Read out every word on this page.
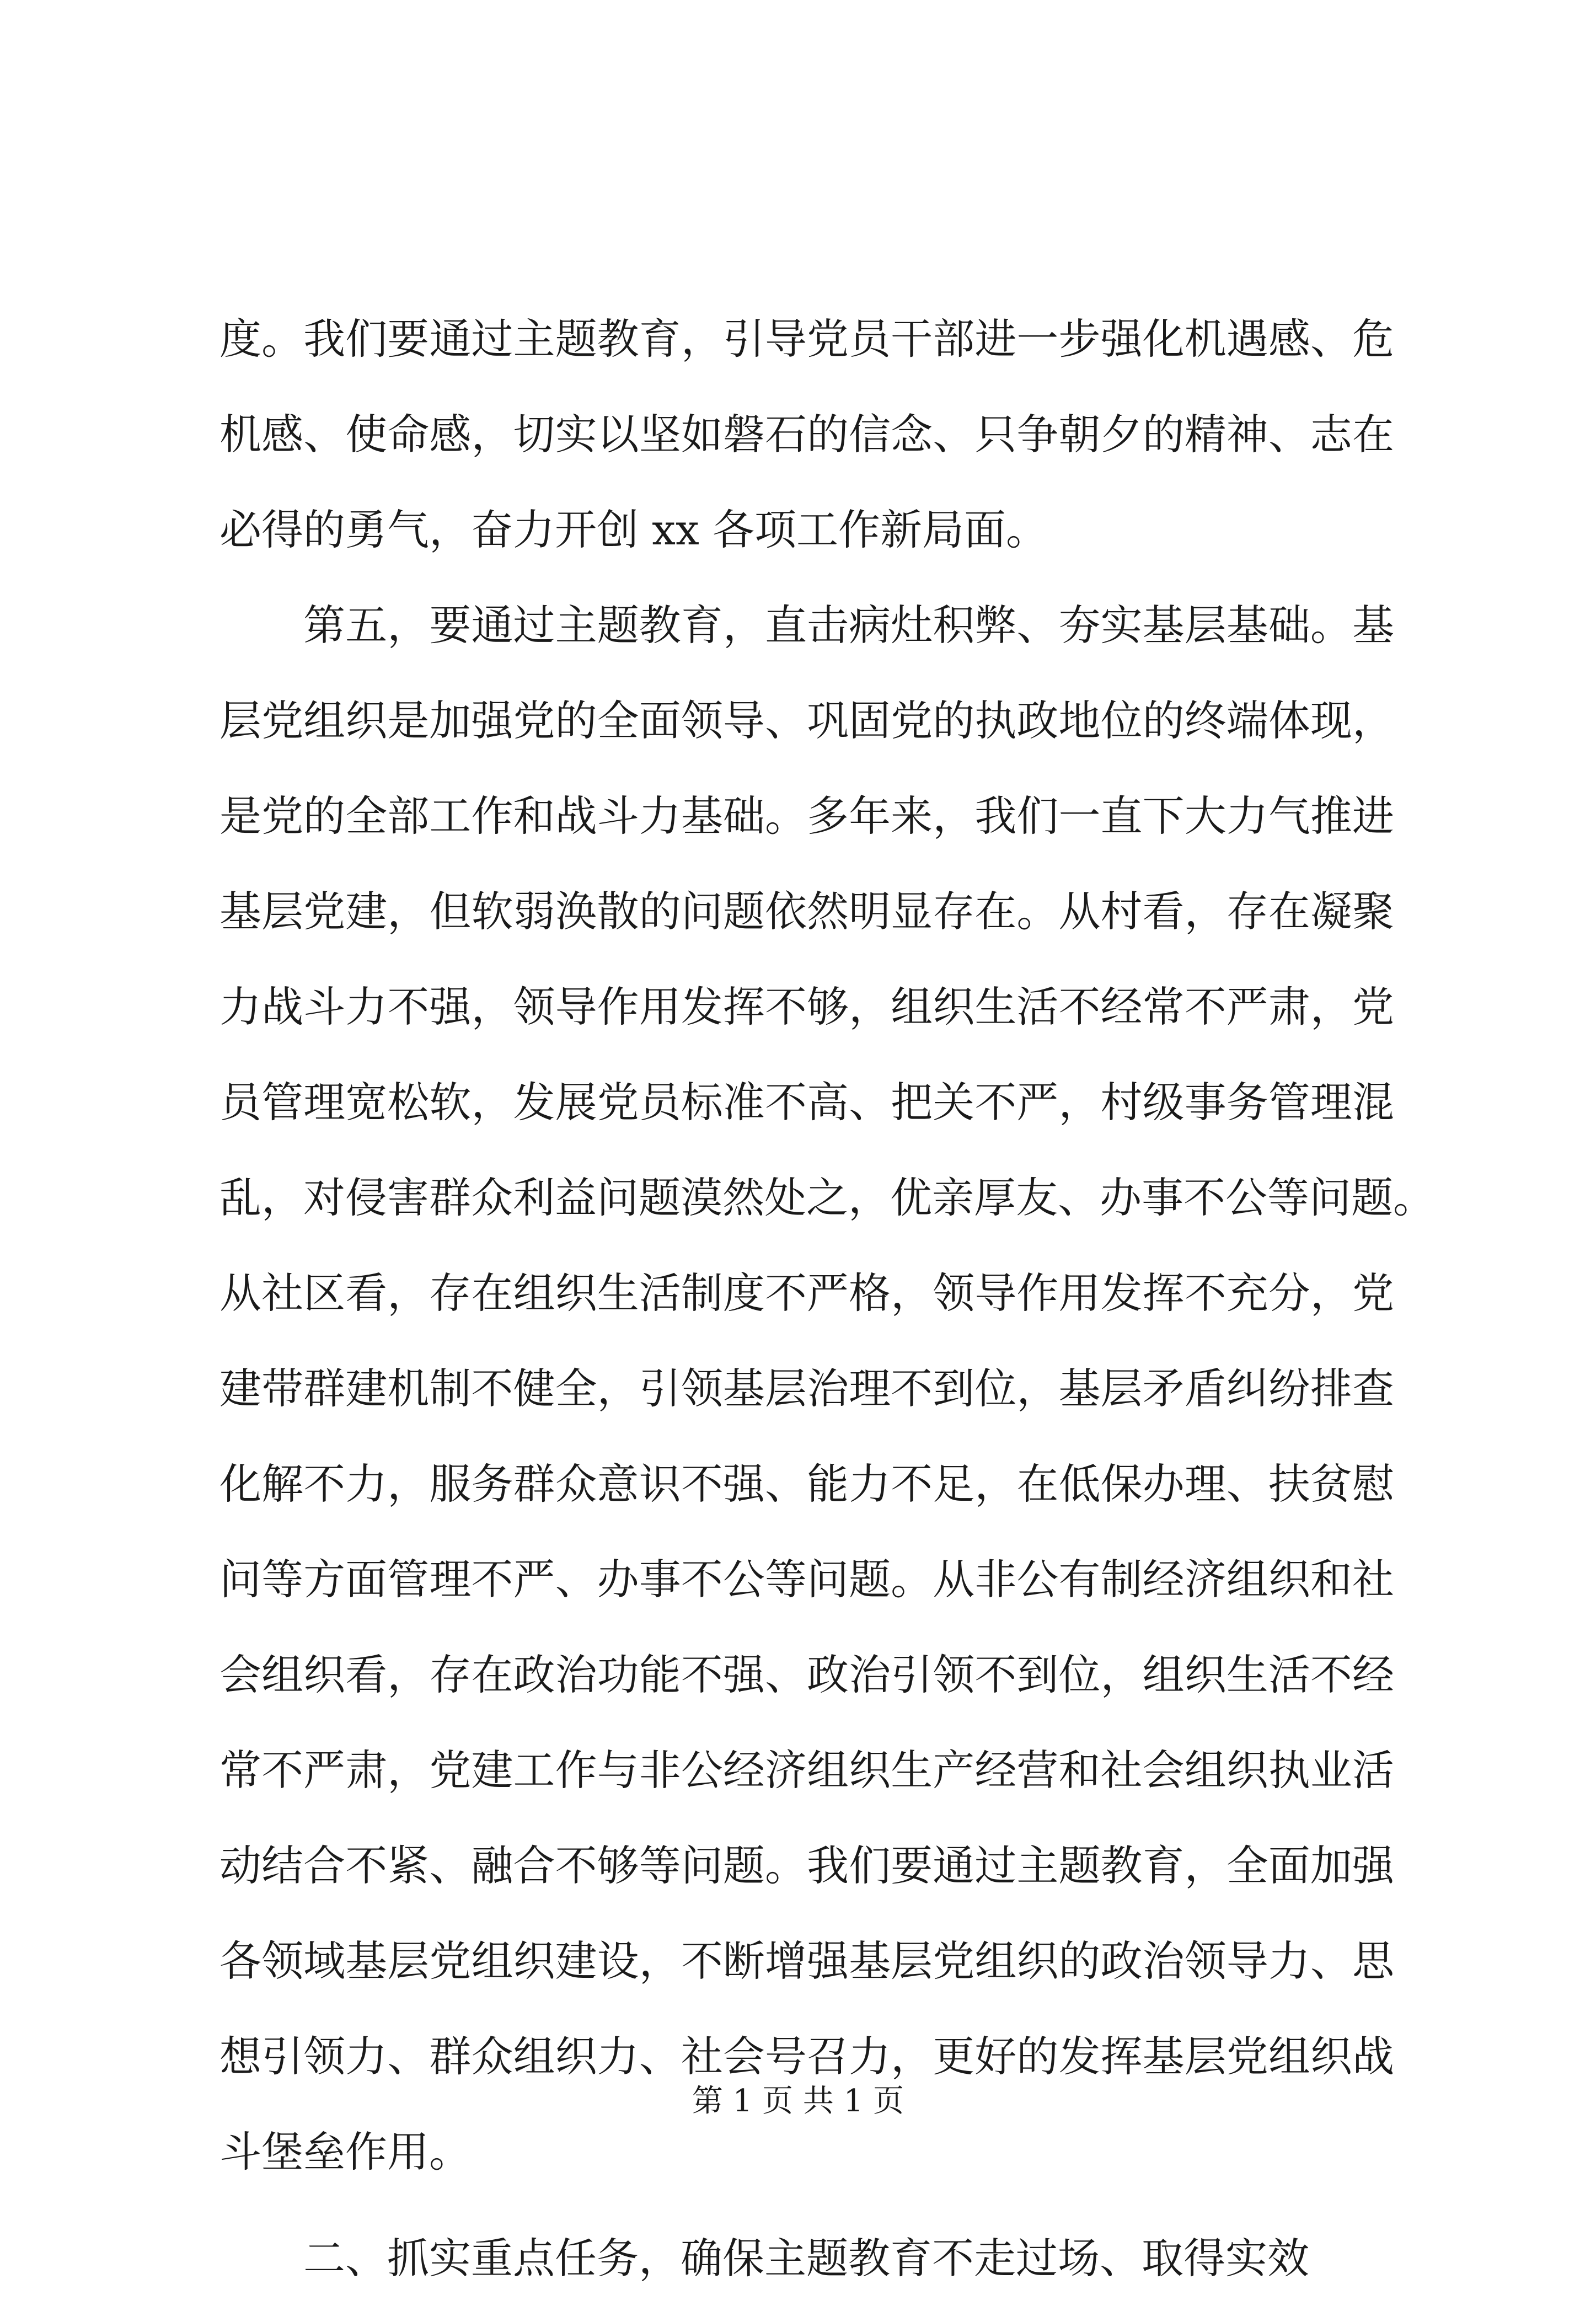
度。我们要通过主题教育，引导党员干部进一步强化机遇感、危
机感、使命感，切实以坚如磐石的信念、只争朝夕的精神、志在
必得的勇气，奋力开创 xx 各项工作新局面。
　　第五，要通过主题教育，直击病灶积弊、夯实基层基础。基
层党组织是加强党的全面领导、巩固党的执政地位的终端体现，
是党的全部工作和战斗力基础。多年来，我们一直下大力气推进
基层党建，但软弱涣散的问题依然明显存在。从村看，存在凝聚
力战斗力不强，领导作用发挥不够，组织生活不经常不严肃，党
员管理宽松软，发展党员标准不高、把关不严，村级事务管理混
乱，对侵害群众利益问题漠然处之，优亲厚友、办事不公等问题。
从社区看，存在组织生活制度不严格，领导作用发挥不充分，党
建带群建机制不健全，引领基层治理不到位，基层矛盾纠纷排查
化解不力，服务群众意识不强、能力不足，在低保办理、扶贫慰
问等方面管理不严、办事不公等问题。从非公有制经济组织和社
会组织看，存在政治功能不强、政治引领不到位，组织生活不经
常不严肃，党建工作与非公经济组织生产经营和社会组织执业活
动结合不紧、融合不够等问题。我们要通过主题教育，全面加强
各领域基层党组织建设，不断增强基层党组织的政治领导力、思
想引领力、群众组织力、社会号召力，更好的发挥基层党组织战
斗堡垒作用。
　　二、抓实重点任务，确保主题教育不走过场、取得实效
第 1 页 共 1 页
